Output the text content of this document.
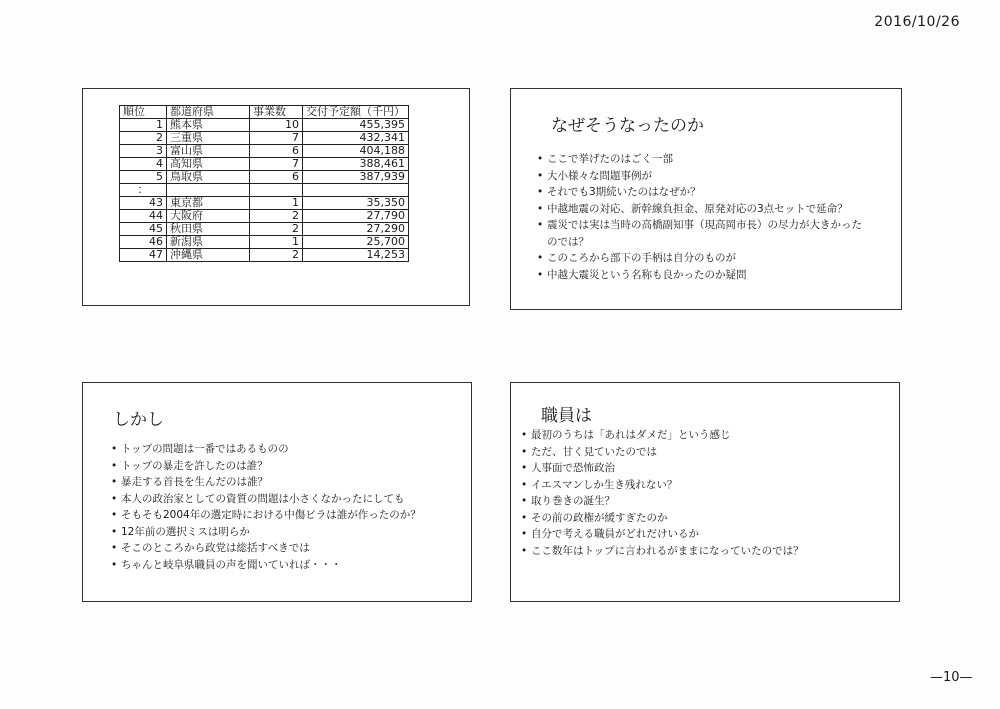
2016/10/26
順位	都道府県	事業数	交付予定額（千円）
1	熊本県	10	455,395
2	三重県	7	432,341
3	富山県	6	404,188
4	高知県	7	388,461
5	鳥取県	6	387,939
：			
43	東京都	1	35,350
44	大阪府	2	27,790
45	秋田県	2	27,290
46	新潟県	1	25,700
47	沖縄県	2	14,253
なぜそうなったのか
• ここで挙げたのはごく一部
• 大小様々な問題事例が
• それでも3期続いたのはなぜか？
• 中越地震の対応、新幹線負担金、原発対応の3点セットで延命？
• 震災では実は当時の高橋副知事（現高岡市長）の尽力が大きかったのでは？
• このころから部下の手柄は自分のものが
• 中越大震災という名称も良かったのか疑問
しかし
• トップの問題は一番ではあるものの
• トップの暴走を許したのは誰？
• 暴走する首長を生んだのは誰？
• 本人の政治家としての資質の問題は小さくなかったにしても
• そもそも2004年の選定時における中傷ビラは誰が作ったのか？
• 12年前の選択ミスは明らか
• そこのところから政党は総括すべきでは
• ちゃんと岐阜県職員の声を聞いていれば・・・
職員は
• 最初のうちは「あれはダメだ」という感じ
• ただ、甘く見ていたのでは
• 人事面で恐怖政治
• イエスマンしか生き残れない？
• 取り巻きの誕生？
• その前の政権が緩すぎたのか
• 自分で考える職員がどれだけいるか
• ここ数年はトップに言われるがままになっていたのでは？
—10—
